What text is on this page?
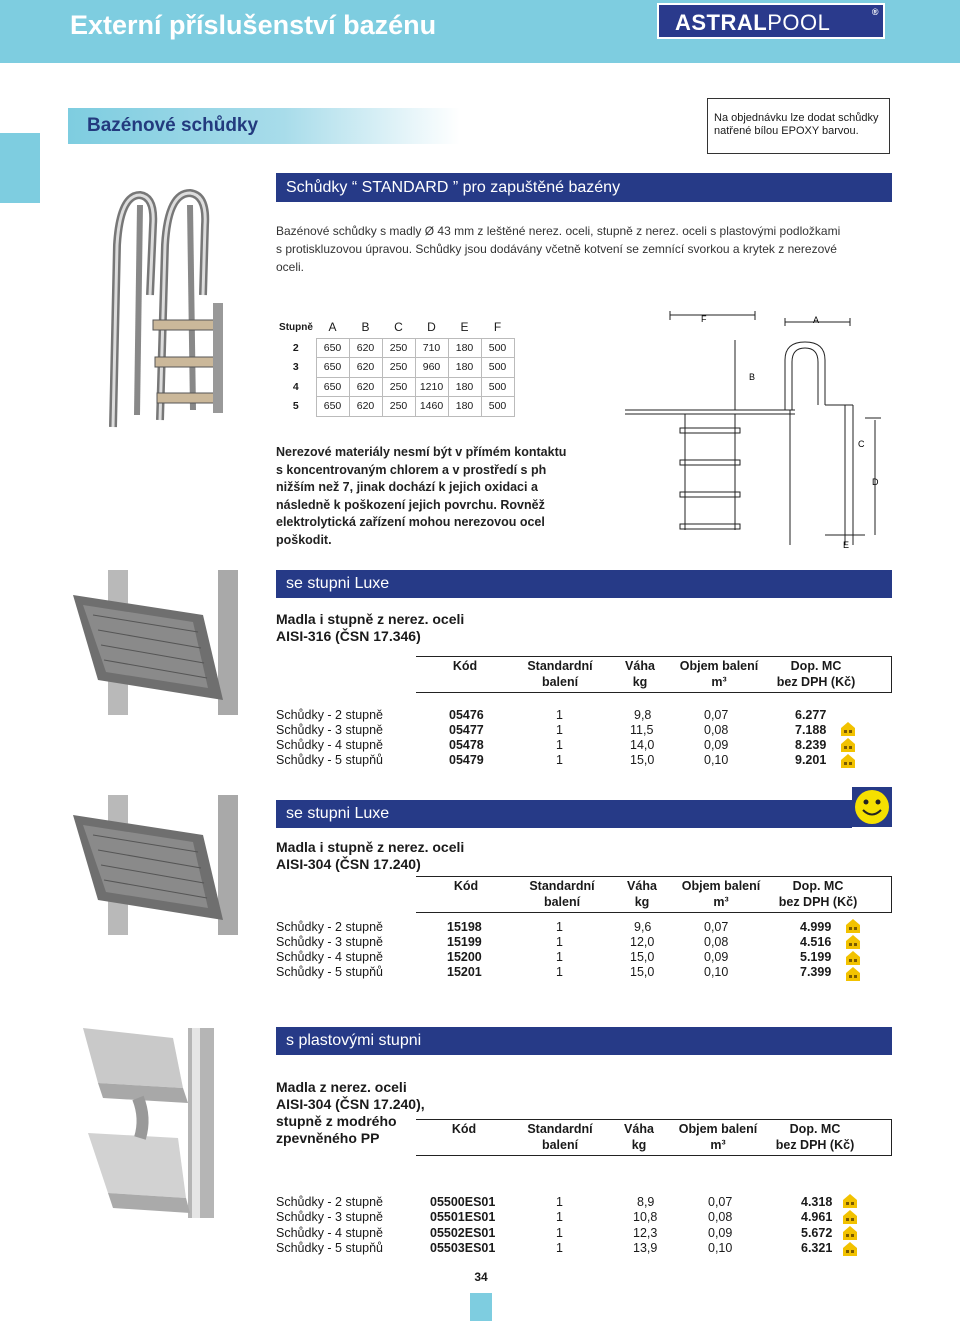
Externí příslušenství bazénu	ASTRALPOOL	®
Bazénové schůdky	Na objednávku lze dodat schůdky
natřené bílou EPOXY barvou.
Schůdky “ STANDARD ” pro zapuštěné bazény
Bazénové schůdky s madly Ø 43 mm z leštěné nerez. oceli, stupně z nerez. oceli s plastovými podložkami
s protiskluzovou úpravou. Schůdky jsou dodávány včetně kotvení se zemnící svorkou a krytek z nerezové
oceli.
Stupně	A	B	C	D	E	F
2	650	620	250	710	180	500
3	650	620	250	960	180	500
4	650	620	250	1210	180	500
5	650	620	250	1460	180	500
Nerezové materiály nesmí být v přímém kontaktu
s koncentrovaným chlorem a v prostředí s ph
nižším než 7, jinak dochází k jejich oxidaci a
následně k poškození jejich povrchu. Rovněž
elektrolytická zařízení mohou nerezovou ocel
poškodit.
F	A
B
C
D
E
se stupni Luxe
Madla i stupně z nerez. oceli
AISI-316 (ČSN 17.346)
Kód	Standardní
balení
Váha
kg
Objem balení
m³
Dop. MC
bez DPH (Kč)
Schůdky - 2 stupně	05476	1	9,8	0,07	6.277
Schůdky - 3 stupně	05477	1	11,5	0,08	7.188
Schůdky - 4 stupně	05478	1	14,0	0,09	8.239
Schůdky - 5 stupňů	05479	1	15,0	0,10	9.201
se stupni Luxe
Madla i stupně z nerez. oceli
AISI-304 (ČSN 17.240)
Kód	Standardní
balení
Váha
kg
Objem balení
m³
Dop. MC
bez DPH (Kč)
Schůdky - 2 stupně	15198	1	9,6	0,07	4.999
Schůdky - 3 stupně	15199	1	12,0	0,08	4.516
Schůdky - 4 stupně	15200	1	15,0	0,09	5.199
Schůdky - 5 stupňů	15201	1	15,0	0,10	7.399
s plastovými stupni
Madla z nerez. oceli
AISI-304 (ČSN 17.240),
stupně z modrého
zpevněného PP
Kód	Standardní
balení
Váha
kg
Objem balení
m³
Dop. MC
bez DPH (Kč)
Schůdky - 2 stupně	05500ES01	1	8,9	0,07	4.318
Schůdky - 3 stupně	05501ES01	1	10,8	0,08	4.961
Schůdky - 4 stupně	05502ES01	1	12,3	0,09	5.672
Schůdky - 5 stupňů	05503ES01	1	13,9	0,10	6.321
34
